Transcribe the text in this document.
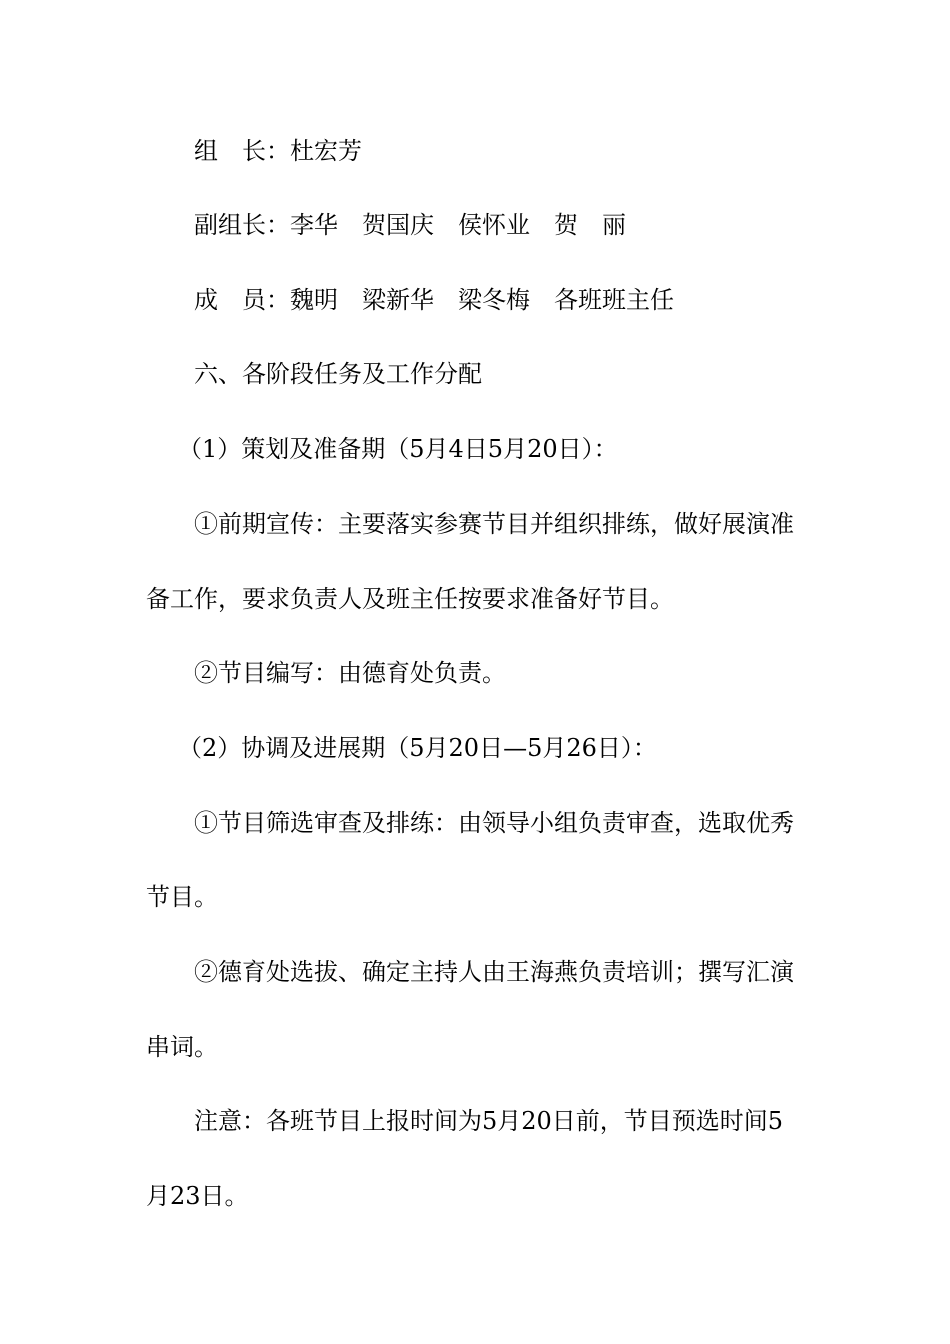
组　长：杜宏芳

副组长：李华　贺国庆　侯怀业　贺　丽

成　员：魏明　梁新华　梁冬梅　各班班主任

六、各阶段任务及工作分配

（1）策划及准备期（5月4日5月20日）：

①前期宣传：主要落实参赛节目并组织排练，做好展演准

备工作，要求负责人及班主任按要求准备好节目。

②节目编写：由德育处负责。

（2）协调及进展期（5月20日—5月26日）：

①节目筛选审查及排练：由领导小组负责审查，选取优秀

节目。

②德育处选拔、确定主持人由王海燕负责培训；撰写汇演

串词。

注意：各班节目上报时间为5月20日前，节目预选时间5

月23日。
